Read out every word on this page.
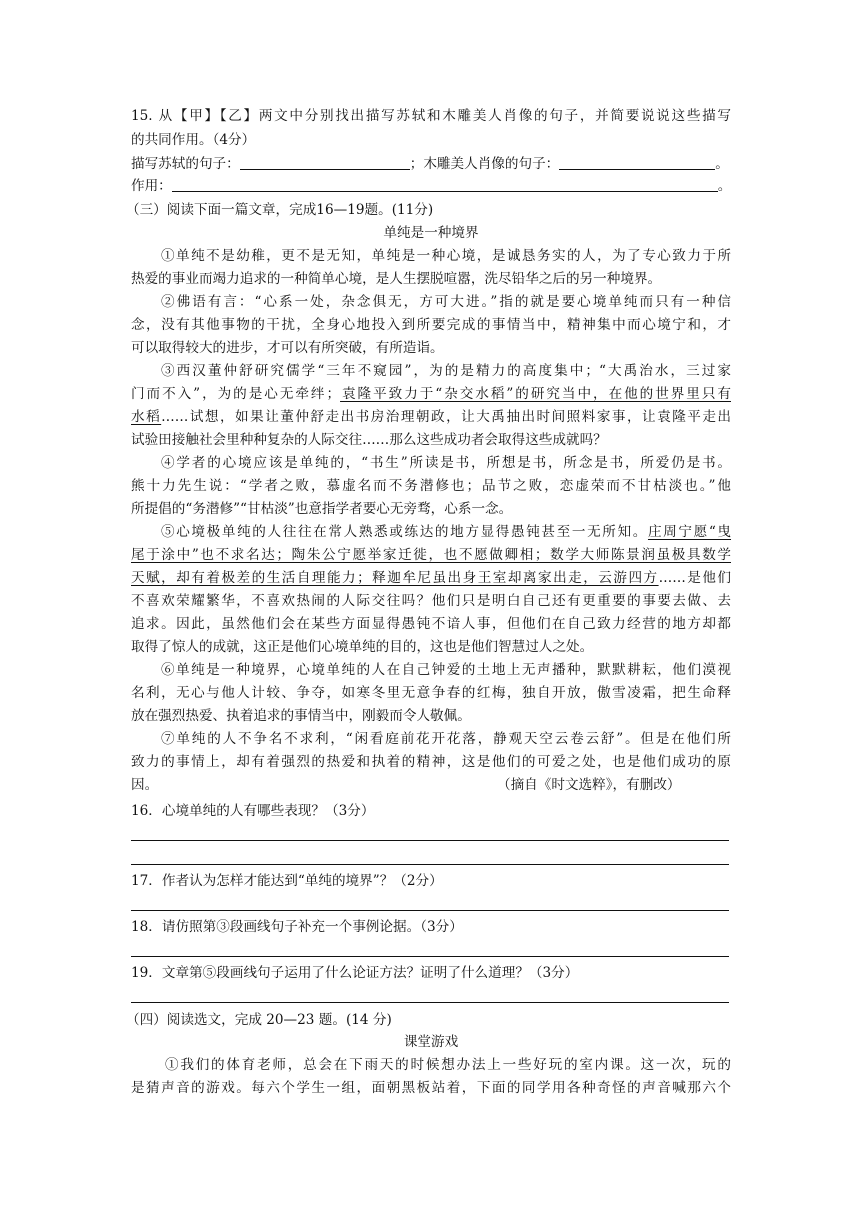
15. 从【甲】【乙】两文中分别找出描写苏轼和木雕美人肖像的句子，并简要说说这些描写
的共同作用。（4分）
描写苏轼的句子：	；木雕美人肖像的句子：	。
作用：	。
（三）阅读下面一篇文章，完成16—19题。(11分)
单纯是一种境界
①单纯不是幼稚，更不是无知，单纯是一种心境，是诚恳务实的人，为了专心致力于所
热爱的事业而竭力追求的一种简单心境，是人生摆脱喧嚣，洗尽铅华之后的另一种境界。
②佛语有言：“心系一处，杂念俱无，方可大进。”指的就是要心境单纯而只有一种信
念，没有其他事物的干扰，全身心地投入到所要完成的事情当中，精神集中而心境宁和，才
可以取得较大的进步，才可以有所突破，有所造诣。
③西汉董仲舒研究儒学“三年不窥园”，为的是精力的高度集中；“大禹治水，三过家
门而不入”，为的是心无牵绊；袁隆平致力于“杂交水稻”的研究当中，在他的世界里只有
水稻……试想，如果让董仲舒走出书房治理朝政，让大禹抽出时间照料家事，让袁隆平走出
试验田接触社会里种种复杂的人际交往……那么这些成功者会取得这些成就吗？
④学者的心境应该是单纯的，“书生”所读是书，所想是书，所念是书，所爱仍是书。
熊十力先生说：“学者之败，慕虚名而不务潜修也；品节之败，恋虚荣而不甘枯淡也。”他
所提倡的“务潜修”“甘枯淡”也意指学者要心无旁骛，心系一念。
⑤心境极单纯的人往往在常人熟悉或练达的地方显得愚钝甚至一无所知。庄周宁愿“曳
尾于涂中”也不求名达；陶朱公宁愿举家迁徙，也不愿做卿相；数学大师陈景润虽极具数学
天赋，却有着极差的生活自理能力；释迦牟尼虽出身王室却离家出走，云游四方……是他们
不喜欢荣耀繁华，不喜欢热闹的人际交往吗？他们只是明白自己还有更重要的事要去做、去
追求。因此，虽然他们会在某些方面显得愚钝不谙人事，但他们在自己致力经营的地方却都
取得了惊人的成就，这正是他们心境单纯的目的，这也是他们智慧过人之处。
⑥单纯是一种境界，心境单纯的人在自己钟爱的土地上无声播种，默默耕耘，他们漠视
名利，无心与他人计较、争夺，如寒冬里无意争春的红梅，独自开放，傲雪凌霜，把生命释
放在强烈热爱、执着追求的事情当中，刚毅而令人敬佩。
⑦单纯的人不争名不求利，“闲看庭前花开花落，静观天空云卷云舒”。但是在他们所
致力的事情上，却有着强烈的热爱和执着的精神，这是他们的可爱之处，也是他们成功的原
因。	（摘自《时文选粹》，有删改）
16．心境单纯的人有哪些表现？（3分）
17．作者认为怎样才能达到“单纯的境界”？（2分）
18．请仿照第③段画线句子补充一个事例论据。（3分）
19．文章第⑤段画线句子运用了什么论证方法？证明了什么道理？（3分）
（四）阅读选文，完成 20—23 题。(14 分)
课堂游戏
①我们的体育老师，总会在下雨天的时候想办法上一些好玩的室内课。这一次，玩的
是猜声音的游戏。每六个学生一组，面朝黑板站着，下面的同学用各种奇怪的声音喊那六个
